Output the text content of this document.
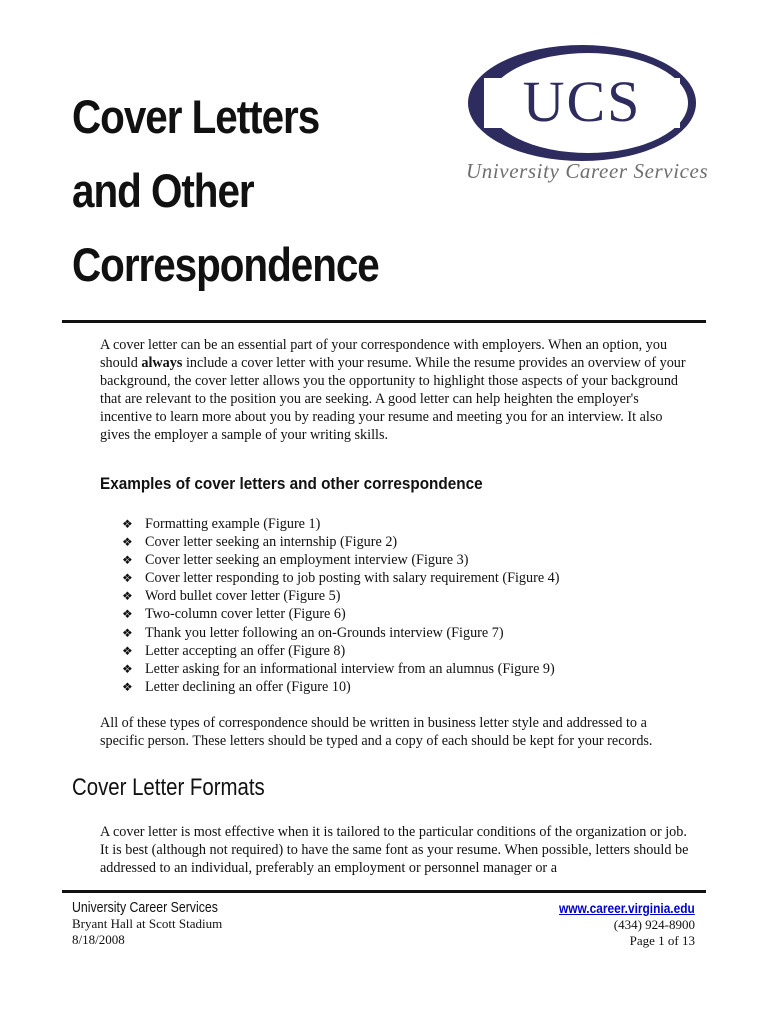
Cover Letters
and Other
Correspondence
UCS
University Career Services

A cover letter can be an essential part of your correspondence with employers. When an option, you should always include a cover letter with your resume. While the resume provides an overview of your background, the cover letter allows you the opportunity to highlight those aspects of your background that are relevant to the position you are seeking. A good letter can help heighten the employer's incentive to learn more about you by reading your resume and meeting you for an interview. It also gives the employer a sample of your writing skills.

Examples of cover letters and other correspondence
❖ Formatting example (Figure 1)
❖ Cover letter seeking an internship (Figure 2)
❖ Cover letter seeking an employment interview (Figure 3)
❖ Cover letter responding to job posting with salary requirement (Figure 4)
❖ Word bullet cover letter (Figure 5)
❖ Two-column cover letter (Figure 6)
❖ Thank you letter following an on-Grounds interview (Figure 7)
❖ Letter accepting an offer (Figure 8)
❖ Letter asking for an informational interview from an alumnus (Figure 9)
❖ Letter declining an offer (Figure 10)

All of these types of correspondence should be written in business letter style and addressed to a specific person. These letters should be typed and a copy of each should be kept for your records.

Cover Letter Formats

A cover letter is most effective when it is tailored to the particular conditions of the organization or job. It is best (although not required) to have the same font as your resume. When possible, letters should be addressed to an individual, preferably an employment or personnel manager or a

University Career Services
Bryant Hall at Scott Stadium
8/18/2008
www.career.virginia.edu
(434) 924-8900
Page 1 of 13
